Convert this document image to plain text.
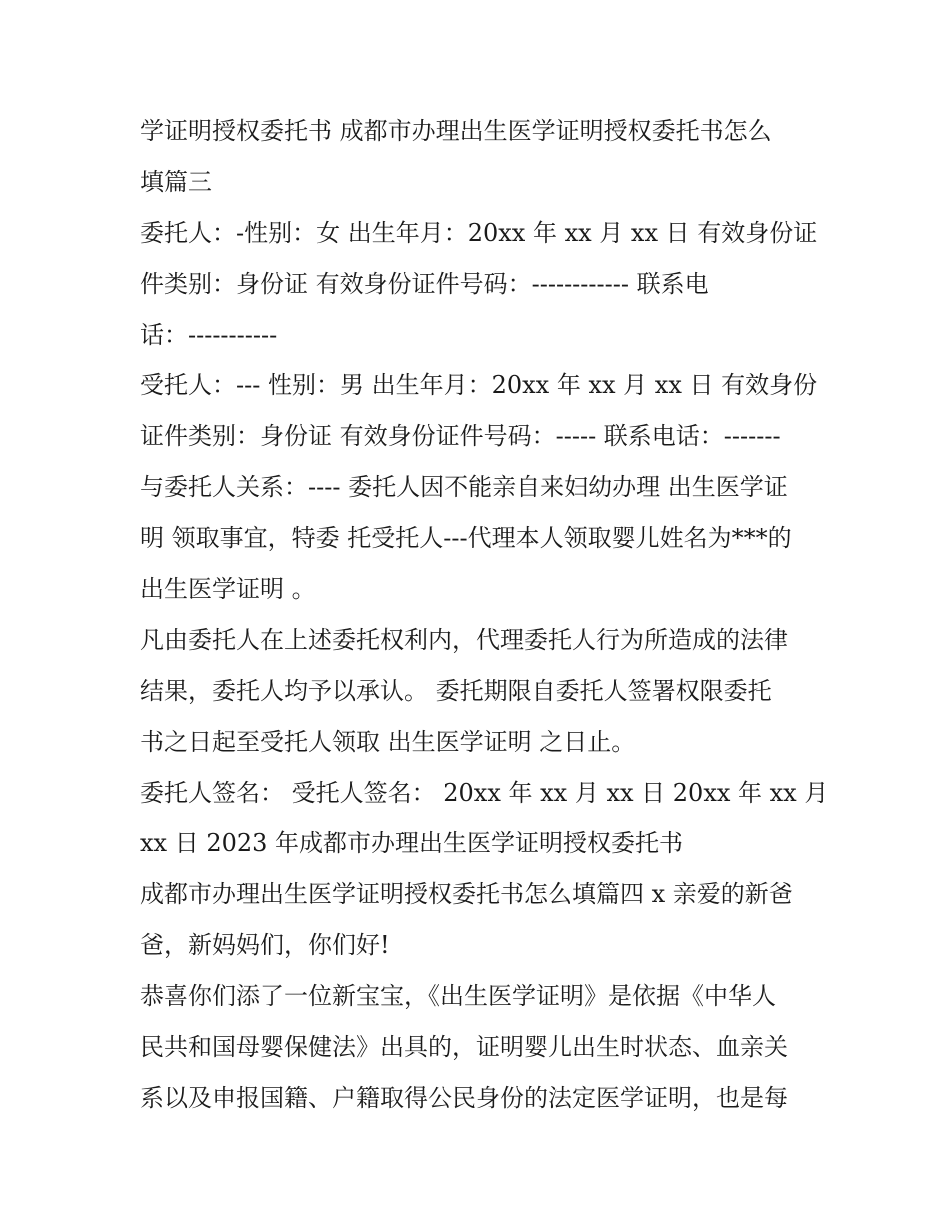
学证明授权委托书 成都市办理出生医学证明授权委托书怎么
填篇三
委托人：-性别：女 出生年月：20xx 年 xx 月 xx 日 有效身份证
件类别：身份证 有效身份证件号码：------------ 联系电
话：-----------
受托人：--- 性别：男 出生年月：20xx 年 xx 月 xx 日 有效身份
证件类别：身份证 有效身份证件号码：----- 联系电话：-------
与委托人关系：---- 委托人因不能亲自来妇幼办理 出生医学证
明 领取事宜，特委 托受托人---代理本人领取婴儿姓名为***的
出生医学证明 。
凡由委托人在上述委托权利内，代理委托人行为所造成的法律
结果，委托人均予以承认。 委托期限自委托人签署权限委托
书之日起至受托人领取 出生医学证明 之日止。
委托人签名： 受托人签名： 20xx 年 xx 月 xx 日 20xx 年 xx 月
xx 日 2023 年成都市办理出生医学证明授权委托书
成都市办理出生医学证明授权委托书怎么填篇四 x 亲爱的新爸
爸，新妈妈们，你们好!
恭喜你们添了一位新宝宝，《出生医学证明》是依据《中华人
民共和国母婴保健法》出具的，证明婴儿出生时状态、血亲关
系以及申报国籍、户籍取得公民身份的法定医学证明，也是每
